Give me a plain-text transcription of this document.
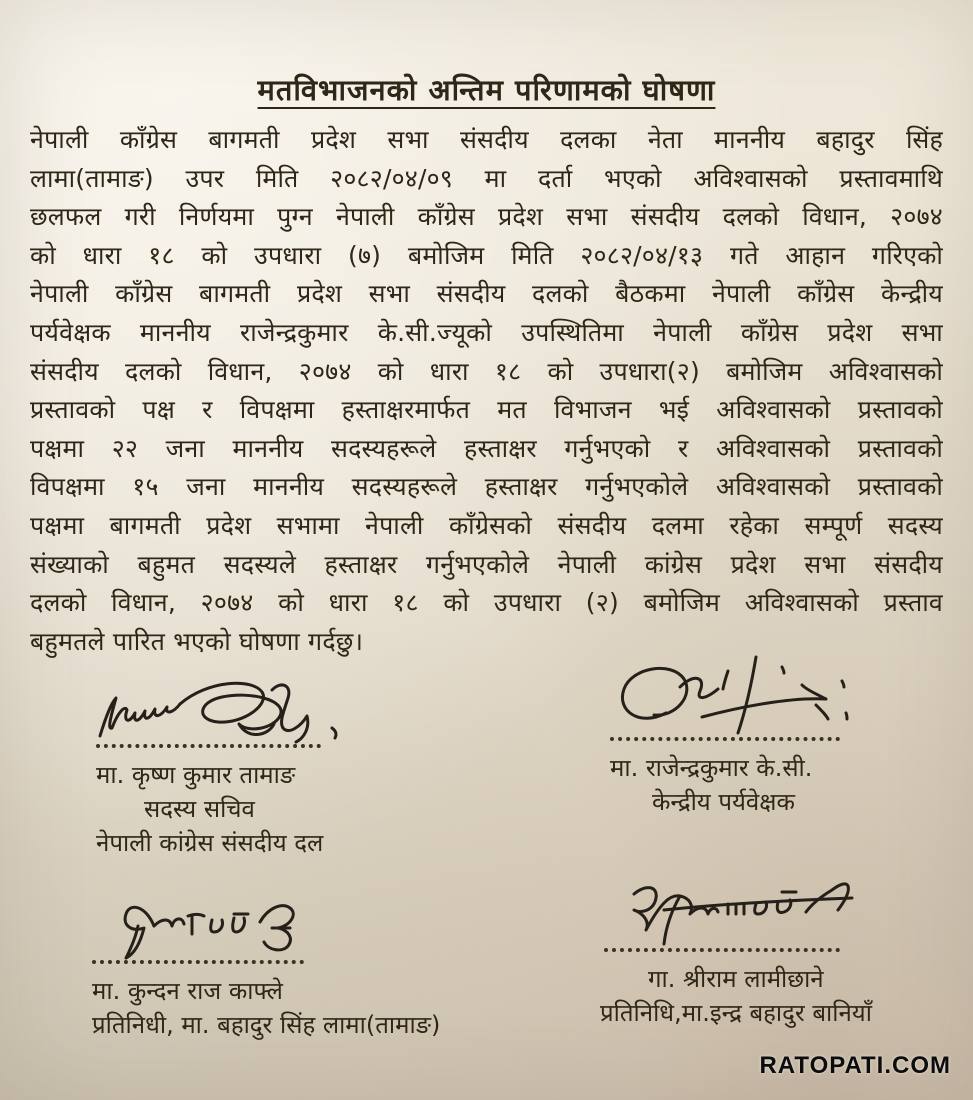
मतविभाजनको अन्तिम परिणामको घोषणा
नेपाली काँग्रेस बागमती प्रदेश सभा संसदीय दलका नेता माननीय बहादुर सिंह
लामा(तामाङ) उपर मिति २०८२/०४/०९ मा दर्ता भएको अविश्वासको प्रस्तावमाथि
छलफल गरी निर्णयमा पुग्न नेपाली काँग्रेस प्रदेश सभा संसदीय दलको विधान, २०७४
को धारा १८ को उपधारा (७) बमोजिम मिति २०८२/०४/१३ गते आहान गरिएको
नेपाली काँग्रेस बागमती प्रदेश सभा संसदीय दलको बैठकमा नेपाली काँग्रेस केन्द्रीय
पर्यवेक्षक माननीय राजेन्द्रकुमार के.सी.ज्यूको उपस्थितिमा नेपाली काँग्रेस प्रदेश सभा
संसदीय दलको विधान, २०७४ को धारा १८ को उपधारा(२) बमोजिम अविश्वासको
प्रस्तावको पक्ष र विपक्षमा हस्ताक्षरमार्फत मत विभाजन भई अविश्वासको प्रस्तावको
पक्षमा २२ जना माननीय सदस्यहरूले हस्ताक्षर गर्नुभएको र अविश्वासको प्रस्तावको
विपक्षमा १५ जना माननीय सदस्यहरूले हस्ताक्षर गर्नुभएकोले अविश्वासको प्रस्तावको
पक्षमा बागमती प्रदेश सभामा नेपाली काँग्रेसको संसदीय दलमा रहेका सम्पूर्ण सदस्य
संख्याको बहुमत सदस्यले हस्ताक्षर गर्नुभएकोले नेपाली कांग्रेस प्रदेश सभा संसदीय
दलको विधान, २०७४ को धारा १८ को उपधारा (२) बमोजिम अविश्वासको प्रस्ताव
बहुमतले पारित भएको घोषणा गर्दछु।
मा. कृष्ण कुमार तामाङ
सदस्य सचिव
नेपाली कांग्रेस संसदीय दल
मा. राजेन्द्रकुमार के.सी.
केन्द्रीय पर्यवेक्षक
मा. कुन्दन राज काफ्ले
प्रतिनिधी, मा. बहादुर सिंह लामा(तामाङ)
गा. श्रीराम लामीछाने
प्रतिनिधि,मा.इन्द्र बहादुर बानियाँ
RATOPATI.COM
